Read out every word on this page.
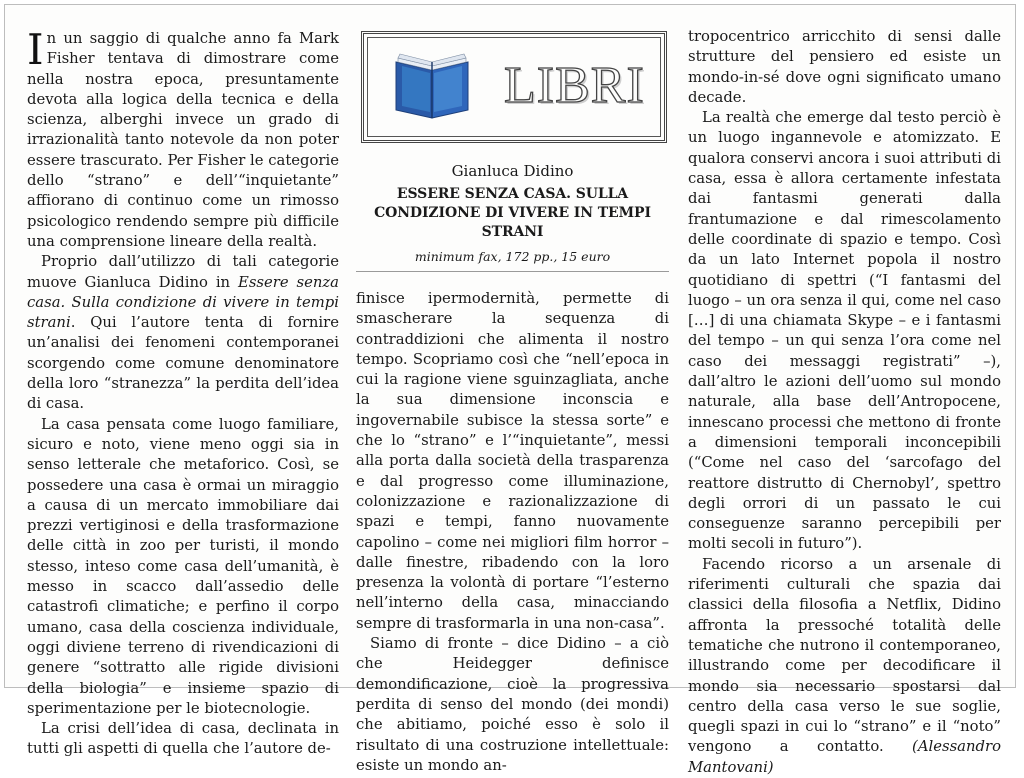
In un saggio di qualche anno fa Mark Fisher tentava di dimostrare come nella nostra epoca, presuntamente devota alla logica della tecnica e della scienza, alberghi invece un grado di irrazionalità tanto notevole da non poter essere trascurato. Per Fisher le categorie dello “strano” e dell’“inquietante” affiorano di continuo come un rimosso psicologico rendendo sempre più difficile una comprensione lineare della realtà.

Proprio dall’utilizzo di tali categorie muove Gianluca Didino in Essere senza casa. Sulla condizione di vivere in tempi strani. Qui l’autore tenta di fornire un’analisi dei fenomeni contemporanei scorgendo come comune denominatore della loro “stranezza” la perdita dell’idea di casa.

La casa pensata come luogo familiare, sicuro e noto, viene meno oggi sia in senso letterale che metaforico. Così, se possedere una casa è ormai un miraggio a causa di un mercato immobiliare dai prezzi vertiginosi e della trasformazione delle città in zoo per turisti, il mondo stesso, inteso come casa dell’umanità, è messo in scacco dall’assedio delle catastrofi climatiche; e perfino il corpo umano, casa della coscienza individuale, oggi diviene terreno di rivendicazioni di genere “sottratto alle rigide divisioni della biologia” e insieme spazio di sperimentazione per le biotecnologie.

La crisi dell’idea di casa, declinata in tutti gli aspetti di quella che l’autore de-

LIBRI
Gianluca Didino
ESSERE SENZA CASA. SULLA
CONDIZIONE DI VIVERE IN TEMPI STRANI
minimum fax, 172 pp., 15 euro

finisce ipermodernità, permette di smascherare la sequenza di contraddizioni che alimenta il nostro tempo. Scopriamo così che “nell’epoca in cui la ragione viene sguinzagliata, anche la sua dimensione inconscia e ingovernabile subisce la stessa sorte” e che lo “strano” e l’“inquietante”, messi alla porta dalla società della trasparenza e dal progresso come illuminazione, colonizzazione e razionalizzazione di spazi e tempi, fanno nuovamente capolino – come nei migliori film horror – dalle finestre, ribadendo con la loro presenza la volontà di portare “l’esterno nell’interno della casa, minacciando sempre di trasformarla in una non-casa”.

Siamo di fronte – dice Didino – a ciò che Heidegger definisce demondificazione, cioè la progressiva perdita di senso del mondo (dei mondi) che abitiamo, poiché esso è solo il risultato di una costruzione intellettuale: esiste un mondo an-

tropocentrico arricchito di sensi dalle strutture del pensiero ed esiste un mondo-in-sé dove ogni significato umano decade.

La realtà che emerge dal testo perciò è un luogo ingannevole e atomizzato. E qualora conservi ancora i suoi attributi di casa, essa è allora certamente infestata dai fantasmi generati dalla frantumazione e dal rimescolamento delle coordinate di spazio e tempo. Così da un lato Internet popola il nostro quotidiano di spettri (“I fantasmi del luogo – un ora senza il qui, come nel caso […] di una chiamata Skype – e i fantasmi del tempo – un qui senza l’ora come nel caso dei messaggi registrati” –), dall’altro le azioni dell’uomo sul mondo naturale, alla base dell’Antropocene, innescano processi che mettono di fronte a dimensioni temporali inconcepibili (“Come nel caso del ‘sarcofago del reattore distrutto di Chernobyl’, spettro degli orrori di un passato le cui conseguenze saranno percepibili per molti secoli in futuro”).

Facendo ricorso a un arsenale di riferimenti culturali che spazia dai classici della filosofia a Netflix, Didino affronta la pressoché totalità delle tematiche che nutrono il contemporaneo, illustrando come per decodificare il mondo sia necessario spostarsi dal centro della casa verso le sue soglie, quegli spazi in cui lo “strano” e il “noto” vengono a contatto. (Alessandro Mantovani)
